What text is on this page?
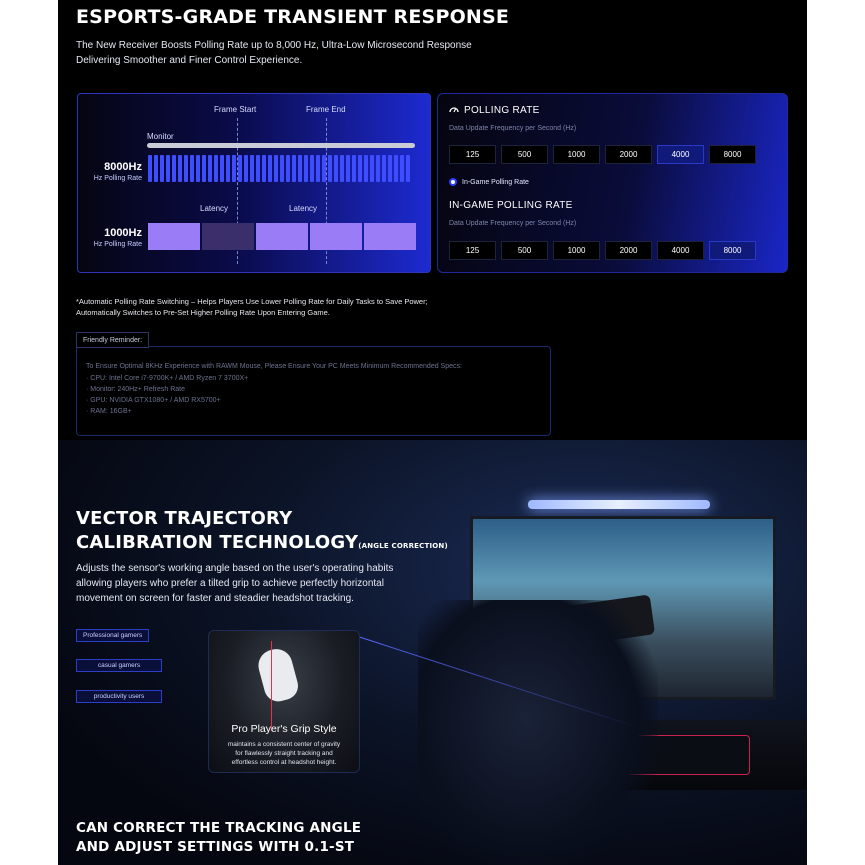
ESPORTS-GRADE TRANSIENT RESPONSE
The New Receiver Boosts Polling Rate up to 8,000 Hz, Ultra-Low Microsecond Response
Delivering Smoother and Finer Control Experience.
Frame Start	Frame End
Monitor
8000Hz
Hz Polling Rate
Latency	Latency
1000Hz
Hz Polling Rate
POLLING RATE
Data Update Frequency per Second (Hz)
125	500	1000	2000	4000	8000
In-Game Polling Rate
IN-GAME POLLING RATE
Data Update Frequency per Second (Hz)
125	500	1000	2000	4000	8000
*Automatic Polling Rate Switching – Helps Players Use Lower Polling Rate for Daily Tasks to Save Power;
Automatically Switches to Pre-Set Higher Polling Rate Upon Entering Game.
To Ensure Optimal 8KHz Experience with RAWM Mouse, Please Ensure Your PC Meets Minimum Recommended Specs:
· CPU: Intel Core i7-9700K+ / AMD Ryzen 7 3700X+
· Monitor: 240Hz+ Refresh Rate
· GPU: NVIDIA GTX1080+ / AMD RX5700+
· RAM: 16GB+
Friendly Reminder:
VECTOR TRAJECTORY
CALIBRATION TECHNOLOGY(ANGLE CORRECTION)
Adjusts the sensor's working angle based on the user's operating habits
allowing players who prefer a tilted grip to achieve perfectly horizontal
movement on screen for faster and steadier headshot tracking.
Professional gamers
casual gamers
productivity users
Pro Player's Grip Style
maintains a consistent center of gravity
for flawlessly straight tracking and
effortless control at headshot height.
CAN CORRECT THE TRACKING ANGLE
AND ADJUST SETTINGS WITH 0.1-ST
